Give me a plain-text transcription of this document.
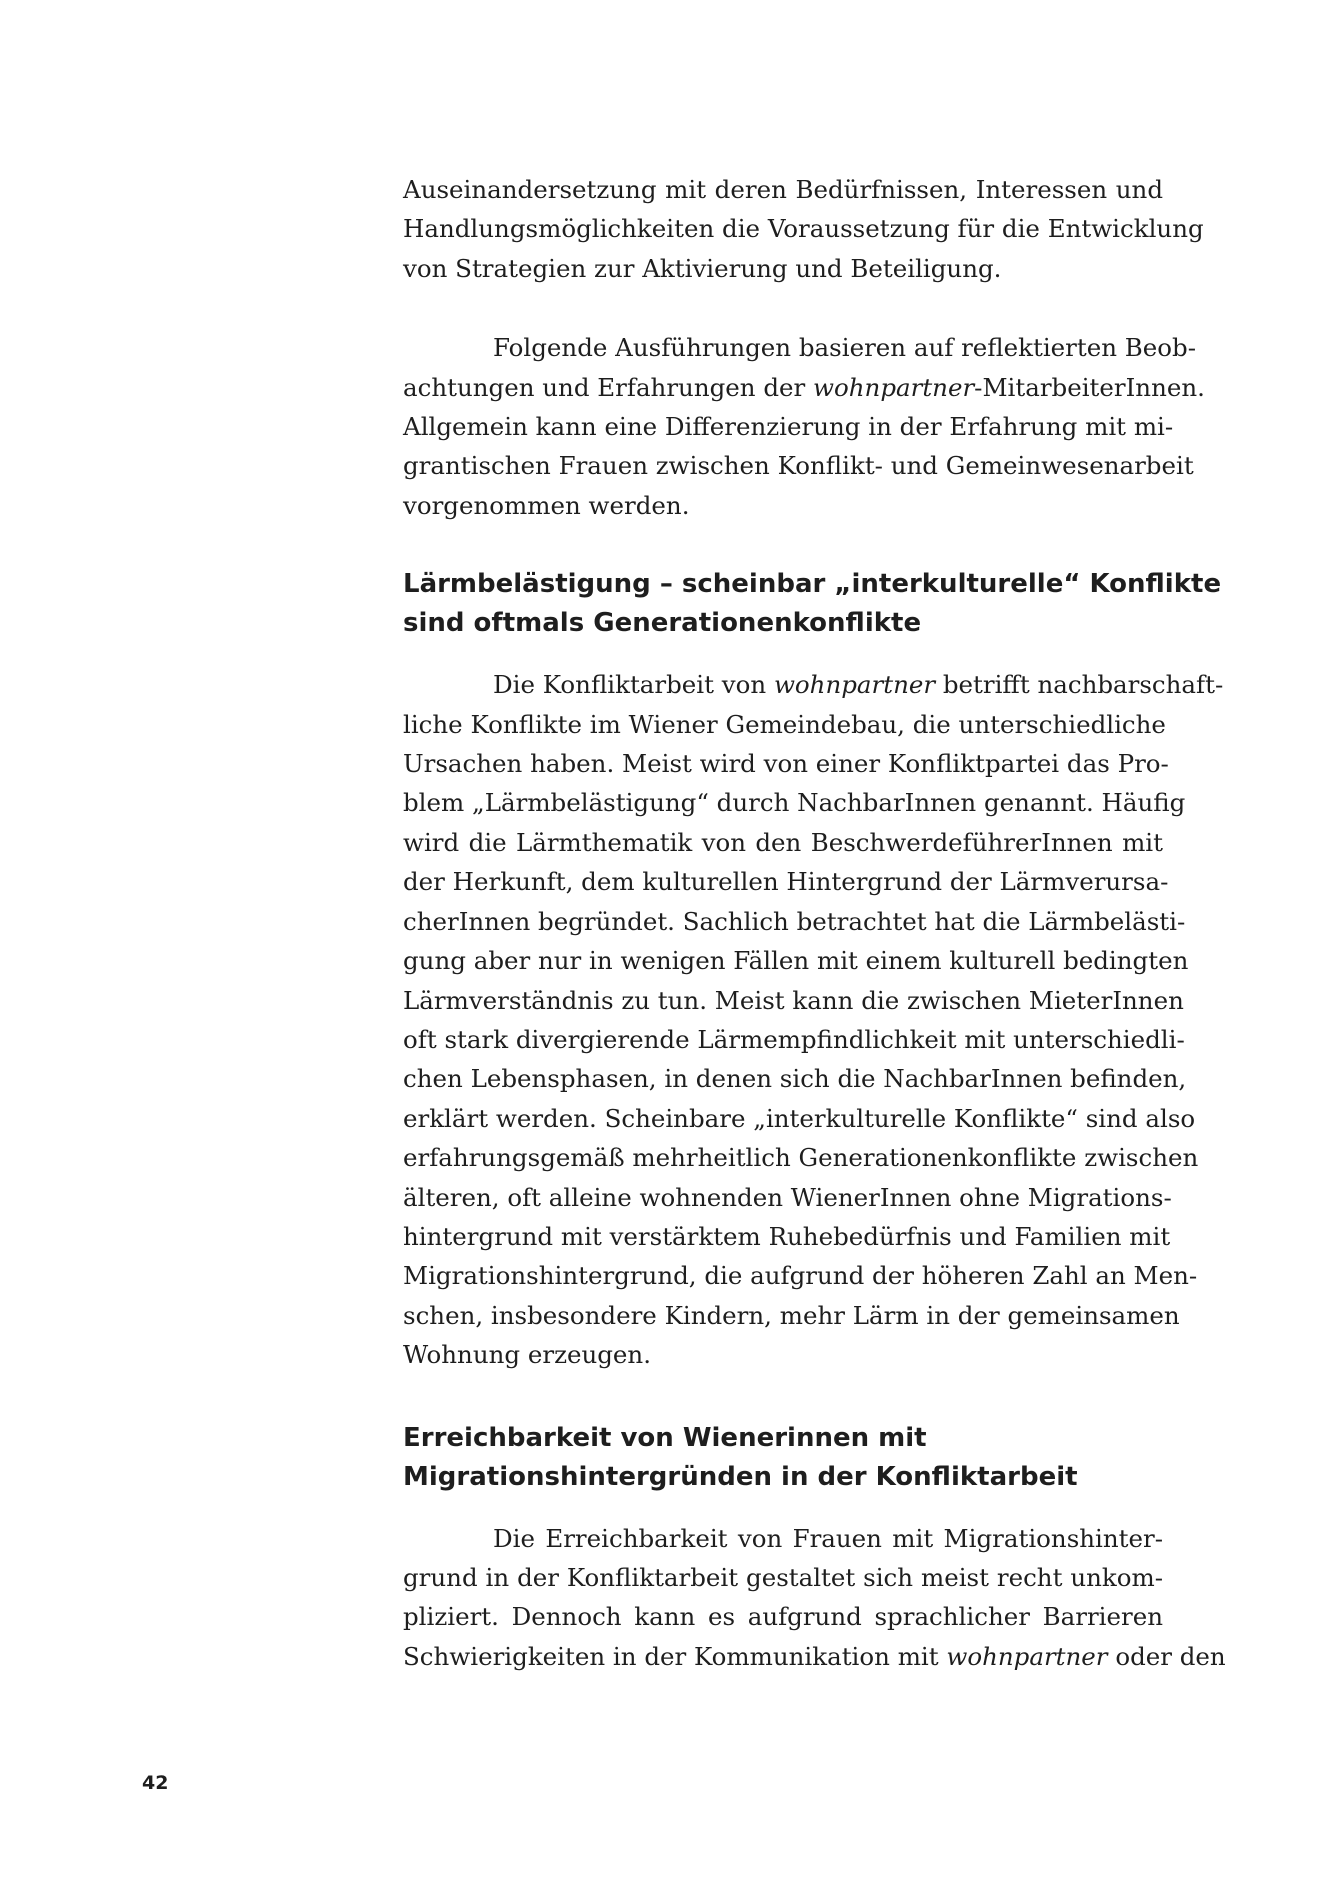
Auseinandersetzung mit deren Bedürfnissen, Interessen und
Handlungsmöglichkeiten die Voraussetzung für die Entwicklung
von Strategien zur Aktivierung und Beteiligung.
Folgende Ausführungen basieren auf reflektierten Beob-
achtungen und Erfahrungen der wohnpartner-MitarbeiterInnen.
Allgemein kann eine Differenzierung in der Erfahrung mit mi-
grantischen Frauen zwischen Konflikt- und Gemeinwesenarbeit
vorgenommen werden.
Lärmbelästigung – scheinbar „interkulturelle“ Konflikte
sind oftmals Generationenkonflikte
Die Konfliktarbeit von wohnpartner betrifft nachbarschaft-
liche Konflikte im Wiener Gemeindebau, die unterschiedliche
Ursachen haben. Meist wird von einer Konfliktpartei das Pro-
blem „Lärmbelästigung“ durch NachbarInnen genannt. Häufig
wird die Lärmthematik von den BeschwerdeführerInnen mit
der Herkunft, dem kulturellen Hintergrund der Lärmverursa-
cherInnen begründet. Sachlich betrachtet hat die Lärmbelästi-
gung aber nur in wenigen Fällen mit einem kulturell bedingten
Lärmverständnis zu tun. Meist kann die zwischen MieterInnen
oft stark divergierende Lärmempfindlichkeit mit unterschiedli-
chen Lebensphasen, in denen sich die NachbarInnen befinden,
erklärt werden. Scheinbare „interkulturelle Konflikte“ sind also
erfahrungsgemäß mehrheitlich Generationenkonflikte zwischen
älteren, oft alleine wohnenden WienerInnen ohne Migrations-
hintergrund mit verstärktem Ruhebedürfnis und Familien mit
Migrationshintergrund, die aufgrund der höheren Zahl an Men-
schen, insbesondere Kindern, mehr Lärm in der gemeinsamen
Wohnung erzeugen.
Erreichbarkeit von Wienerinnen mit
Migrationshintergründen in der Konfliktarbeit
Die Erreichbarkeit von Frauen mit Migrationshinter-
grund in der Konfliktarbeit gestaltet sich meist recht unkom-
pliziert. Dennoch kann es aufgrund sprachlicher Barrieren
Schwierigkeiten in der Kommunikation mit wohnpartner oder den
42
